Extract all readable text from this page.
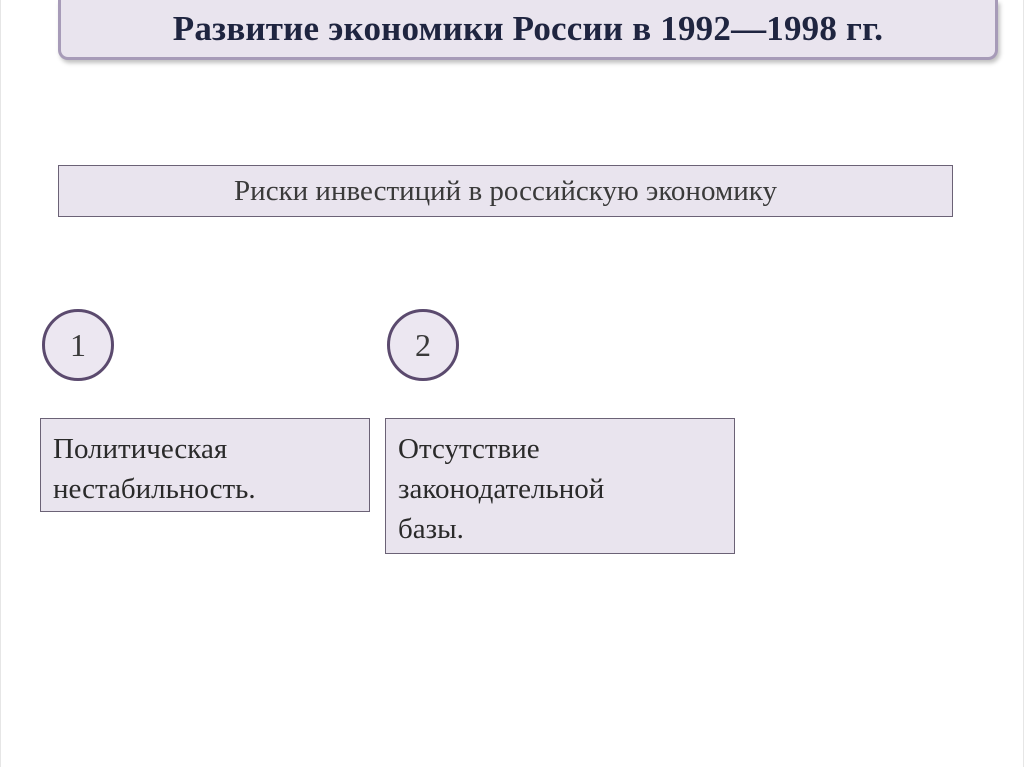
Развитие экономики России в 1992—1998 гг.
Риски инвестиций в российскую экономику
1	2
Политическая
нестабильность.
Отсутствие
законодательной
базы.
